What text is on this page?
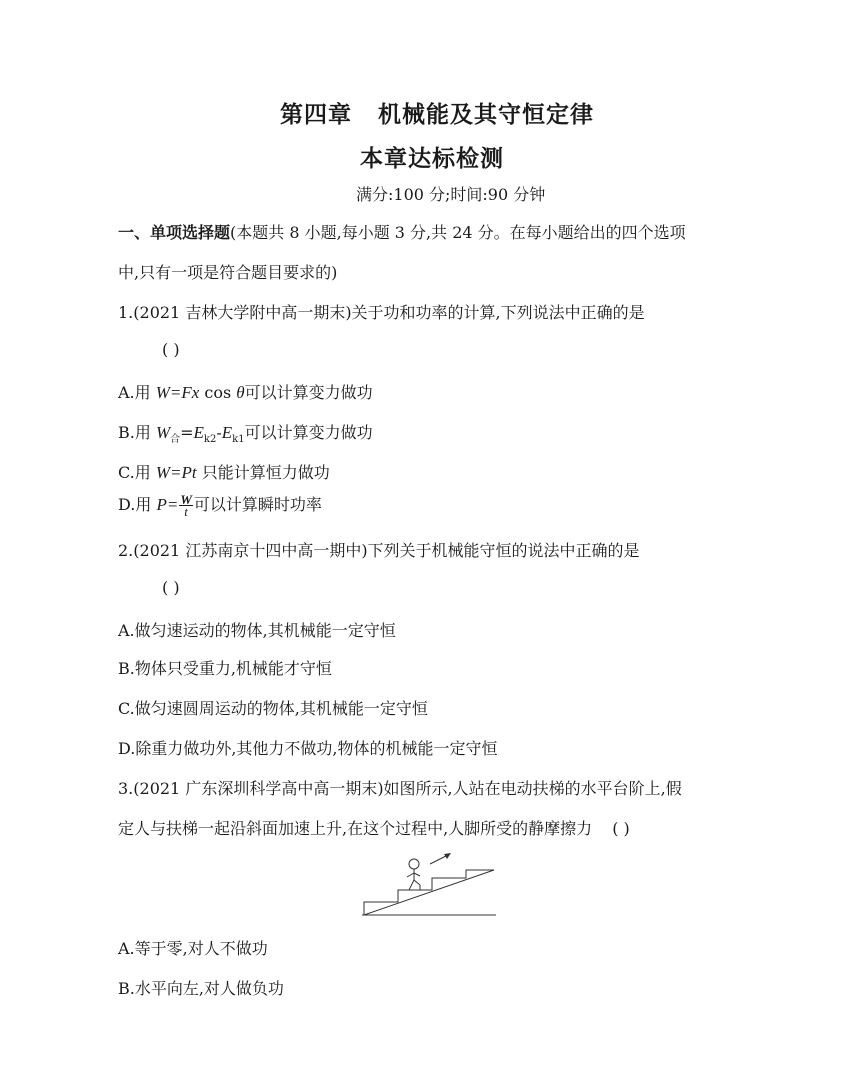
第四章 机械能及其守恒定律
本章达标检测
满分:100 分;时间:90 分钟
一、单项选择题(本题共 8 小题,每小题 3 分,共 24 分。在每小题给出的四个选项
中,只有一项是符合题目要求的)
1.(2021 吉林大学附中高一期末)关于功和功率的计算,下列说法中正确的是
( )
A.用 W=Fx cos θ可以计算变力做功
B.用 $W_合=E_{k2}-E_{k1}$可以计算变力做功
C.用 W=Pt 只能计算恒力做功
D.用 $P= \frac{W}{t}$ 可以计算瞬时功率
2.(2021 江苏南京十四中高一期中)下列关于机械能守恒的说法中正确的是
( )
A.做匀速运动的物体,其机械能一定守恒
B.物体只受重力,机械能才守恒
C.做匀速圆周运动的物体,其机械能一定守恒
D.除重力做功外,其他力不做功,物体的机械能一定守恒
3.(2021 广东深圳科学高中高一期末)如图所示,人站在电动扶梯的水平台阶上,假
定人与扶梯一起沿斜面加速上升,在这个过程中,人脚所受的静摩擦力 ( )
A.等于零,对人不做功
B.水平向左,对人做负功
